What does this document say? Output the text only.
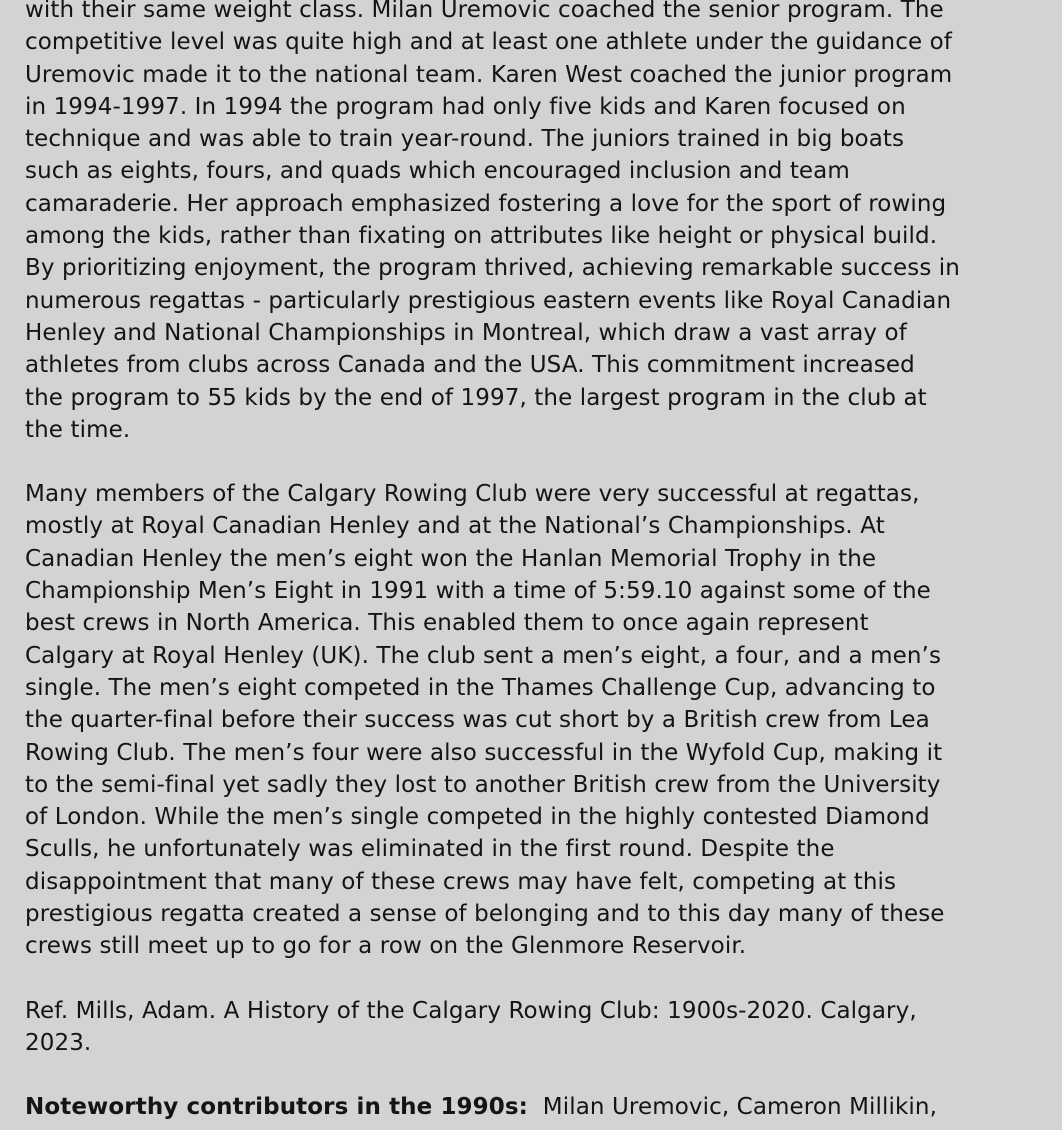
with their same weight class. Milan Uremovic coached the senior program. The
competitive level was quite high and at least one athlete under the guidance of
Uremovic made it to the national team. Karen West coached the junior program
in 1994-1997. In 1994 the program had only five kids and Karen focused on
technique and was able to train year-round. The juniors trained in big boats
such as eights, fours, and quads which encouraged inclusion and team
camaraderie. Her approach emphasized fostering a love for the sport of rowing
among the kids, rather than fixating on attributes like height or physical build.
By prioritizing enjoyment, the program thrived, achieving remarkable success in
numerous regattas - particularly prestigious eastern events like Royal Canadian
Henley and National Championships in Montreal, which draw a vast array of
athletes from clubs across Canada and the USA. This commitment increased
the program to 55 kids by the end of 1997, the largest program in the club at
the time.

Many members of the Calgary Rowing Club were very successful at regattas,
mostly at Royal Canadian Henley and at the National’s Championships. At
Canadian Henley the men’s eight won the Hanlan Memorial Trophy in the
Championship Men’s Eight in 1991 with a time of 5:59.10 against some of the
best crews in North America. This enabled them to once again represent
Calgary at Royal Henley (UK). The club sent a men’s eight, a four, and a men’s
single. The men’s eight competed in the Thames Challenge Cup, advancing to
the quarter-final before their success was cut short by a British crew from Lea
Rowing Club. The men’s four were also successful in the Wyfold Cup, making it
to the semi-final yet sadly they lost to another British crew from the University
of London. While the men’s single competed in the highly contested Diamond
Sculls, he unfortunately was eliminated in the first round. Despite the
disappointment that many of these crews may have felt, competing at this
prestigious regatta created a sense of belonging and to this day many of these
crews still meet up to go for a row on the Glenmore Reservoir.

Ref. Mills, Adam. A History of the Calgary Rowing Club: 1900s-2020. Calgary,
2023.

Noteworthy contributors in the 1990s: Milan Uremovic, Cameron Millikin,
